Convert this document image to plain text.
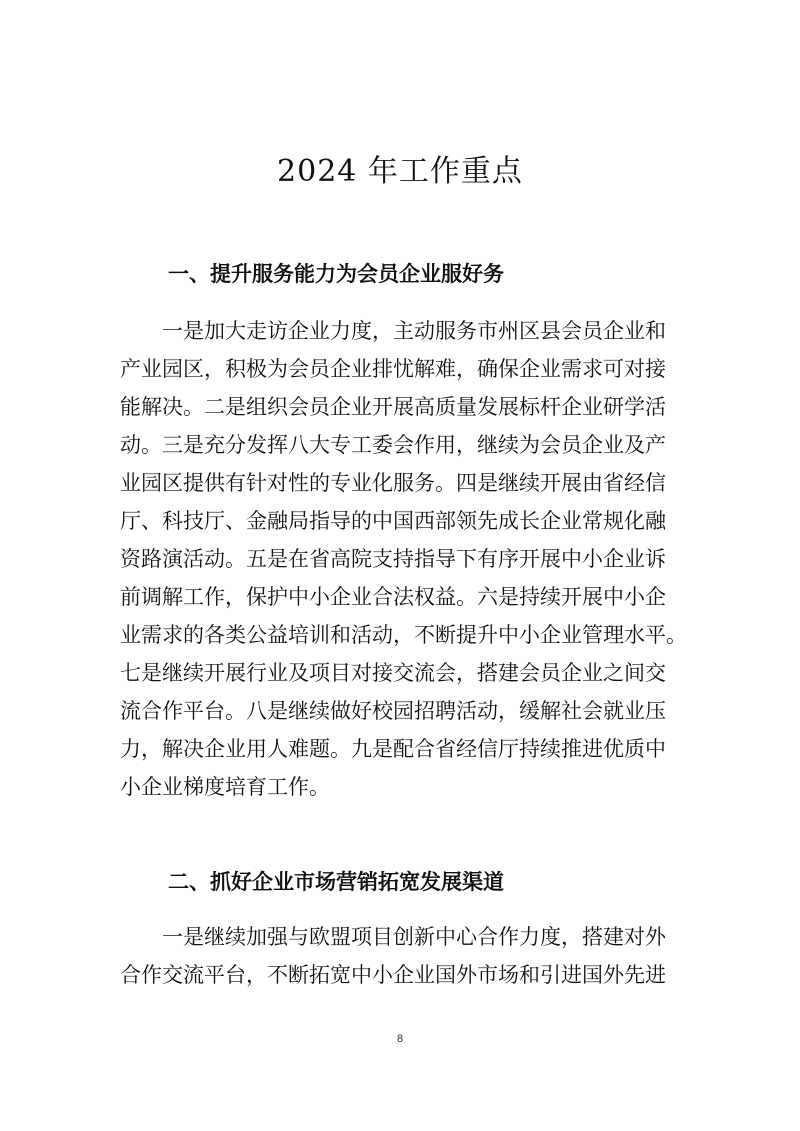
2024 年工作重点
一、提升服务能力为会员企业服好务

一是加大走访企业力度，主动服务市州区县会员企业和

产业园区，积极为会员企业排忧解难，确保企业需求可对接

能解决。二是组织会员企业开展高质量发展标杆企业研学活

动。三是充分发挥八大专工委会作用，继续为会员企业及产

业园区提供有针对性的专业化服务。四是继续开展由省经信

厅、科技厅、金融局指导的中国西部领先成长企业常规化融

资路演活动。五是在省高院支持指导下有序开展中小企业诉

前调解工作，保护中小企业合法权益。六是持续开展中小企

业需求的各类公益培训和活动，不断提升中小企业管理水平。

七是继续开展行业及项目对接交流会，搭建会员企业之间交

流合作平台。八是继续做好校园招聘活动，缓解社会就业压

力，解决企业用人难题。九是配合省经信厅持续推进优质中

小企业梯度培育工作。

二、抓好企业市场营销拓宽发展渠道

一是继续加强与欧盟项目创新中心合作力度，搭建对外

合作交流平台，不断拓宽中小企业国外市场和引进国外先进

8
